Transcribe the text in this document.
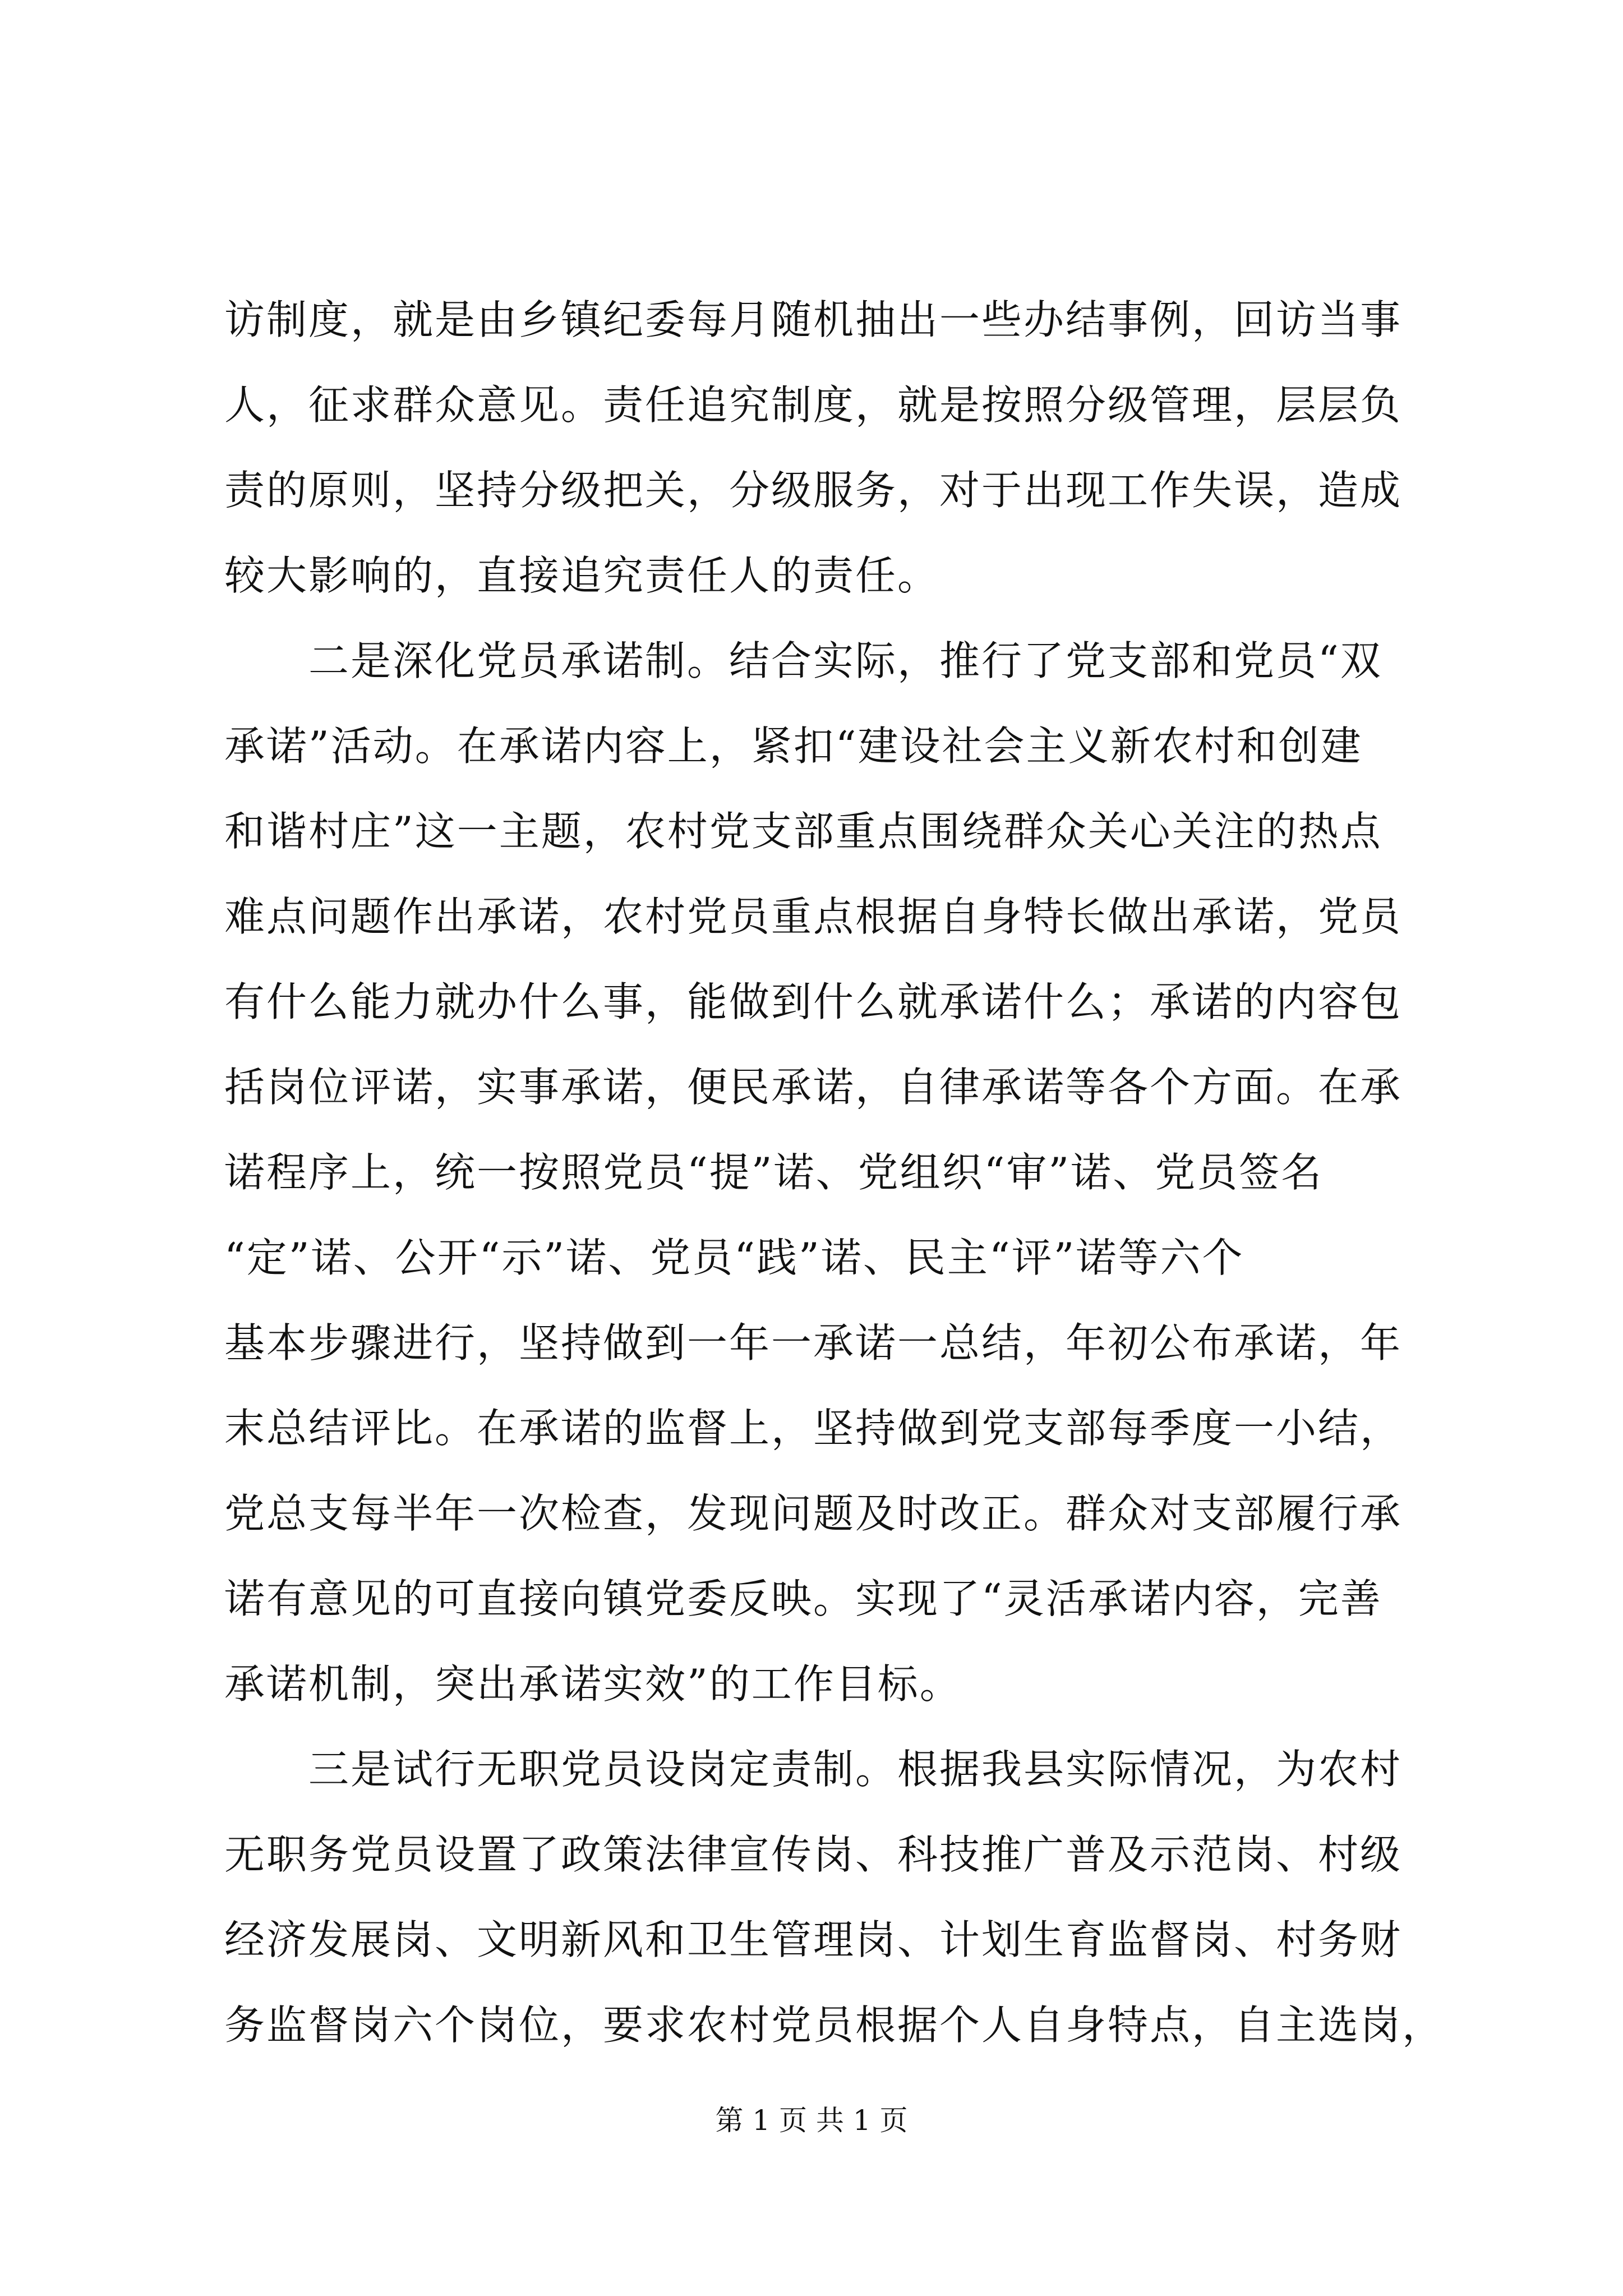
访制度，就是由乡镇纪委每月随机抽出一些办结事例，回访当事
人，征求群众意见。责任追究制度，就是按照分级管理，层层负
责的原则，坚持分级把关，分级服务，对于出现工作失误，造成
较大影响的，直接追究责任人的责任。
二是深化党员承诺制。结合实际，推行了党支部和党员“双
承诺”活动。在承诺内容上，紧扣“建设社会主义新农村和创建
和谐村庄”这一主题，农村党支部重点围绕群众关心关注的热点
难点问题作出承诺，农村党员重点根据自身特长做出承诺，党员
有什么能力就办什么事，能做到什么就承诺什么；承诺的内容包
括岗位评诺，实事承诺，便民承诺，自律承诺等各个方面。在承
诺程序上，统一按照党员“提”诺、党组织“审”诺、党员签名
“定”诺、公开“示”诺、党员“践”诺、民主“评”诺等六个
基本步骤进行，坚持做到一年一承诺一总结，年初公布承诺，年
末总结评比。在承诺的监督上，坚持做到党支部每季度一小结，
党总支每半年一次检查，发现问题及时改正。群众对支部履行承
诺有意见的可直接向镇党委反映。实现了“灵活承诺内容，完善
承诺机制，突出承诺实效”的工作目标。
三是试行无职党员设岗定责制。根据我县实际情况，为农村
无职务党员设置了政策法律宣传岗、科技推广普及示范岗、村级
经济发展岗、文明新风和卫生管理岗、计划生育监督岗、村务财
务监督岗六个岗位，要求农村党员根据个人自身特点，自主选岗，
第 1 页 共 1 页
